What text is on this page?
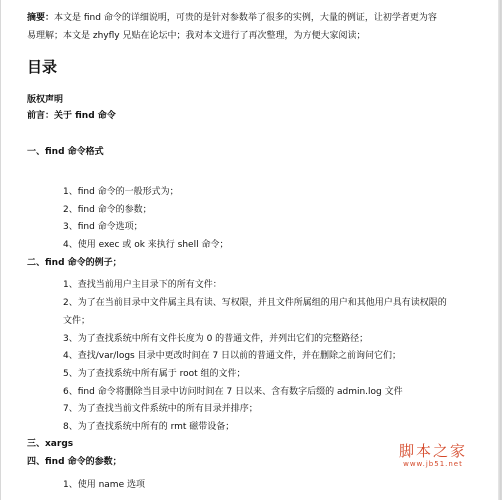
摘要：本文是 find 命令的详细说明，可贵的是针对参数举了很多的实例，大量的例证，让初学者更为容
易理解；本文是 zhyfly 兄贴在论坛中；我对本文进行了再次整理，为方便大家阅读；
目录
版权声明
前言：关于 find 命令
一、find 命令格式
1、find 命令的一般形式为；
2、find 命令的参数；
3、find 命令选项；
4、使用 exec 或 ok 来执行 shell 命令；
二、find 命令的例子；
1、查找当前用户主目录下的所有文件：
2、为了在当前目录中文件属主具有读、写权限，并且文件所属组的用户和其他用户具有读权限的
文件；
3、为了查找系统中所有文件长度为 0 的普通文件，并列出它们的完整路径；
4、查找/var/logs 目录中更改时间在 7 日以前的普通文件，并在删除之前询问它们；
5、为了查找系统中所有属于 root 组的文件；
6、find 命令将删除当目录中访问时间在 7 日以来、含有数字后缀的 admin.log 文件
7、为了查找当前文件系统中的所有目录并排序；
8、为了查找系统中所有的 rmt 磁带设备；
三、xargs
四、find 命令的参数；
1、使用 name 选项
脚本之家
www.jb51.net
